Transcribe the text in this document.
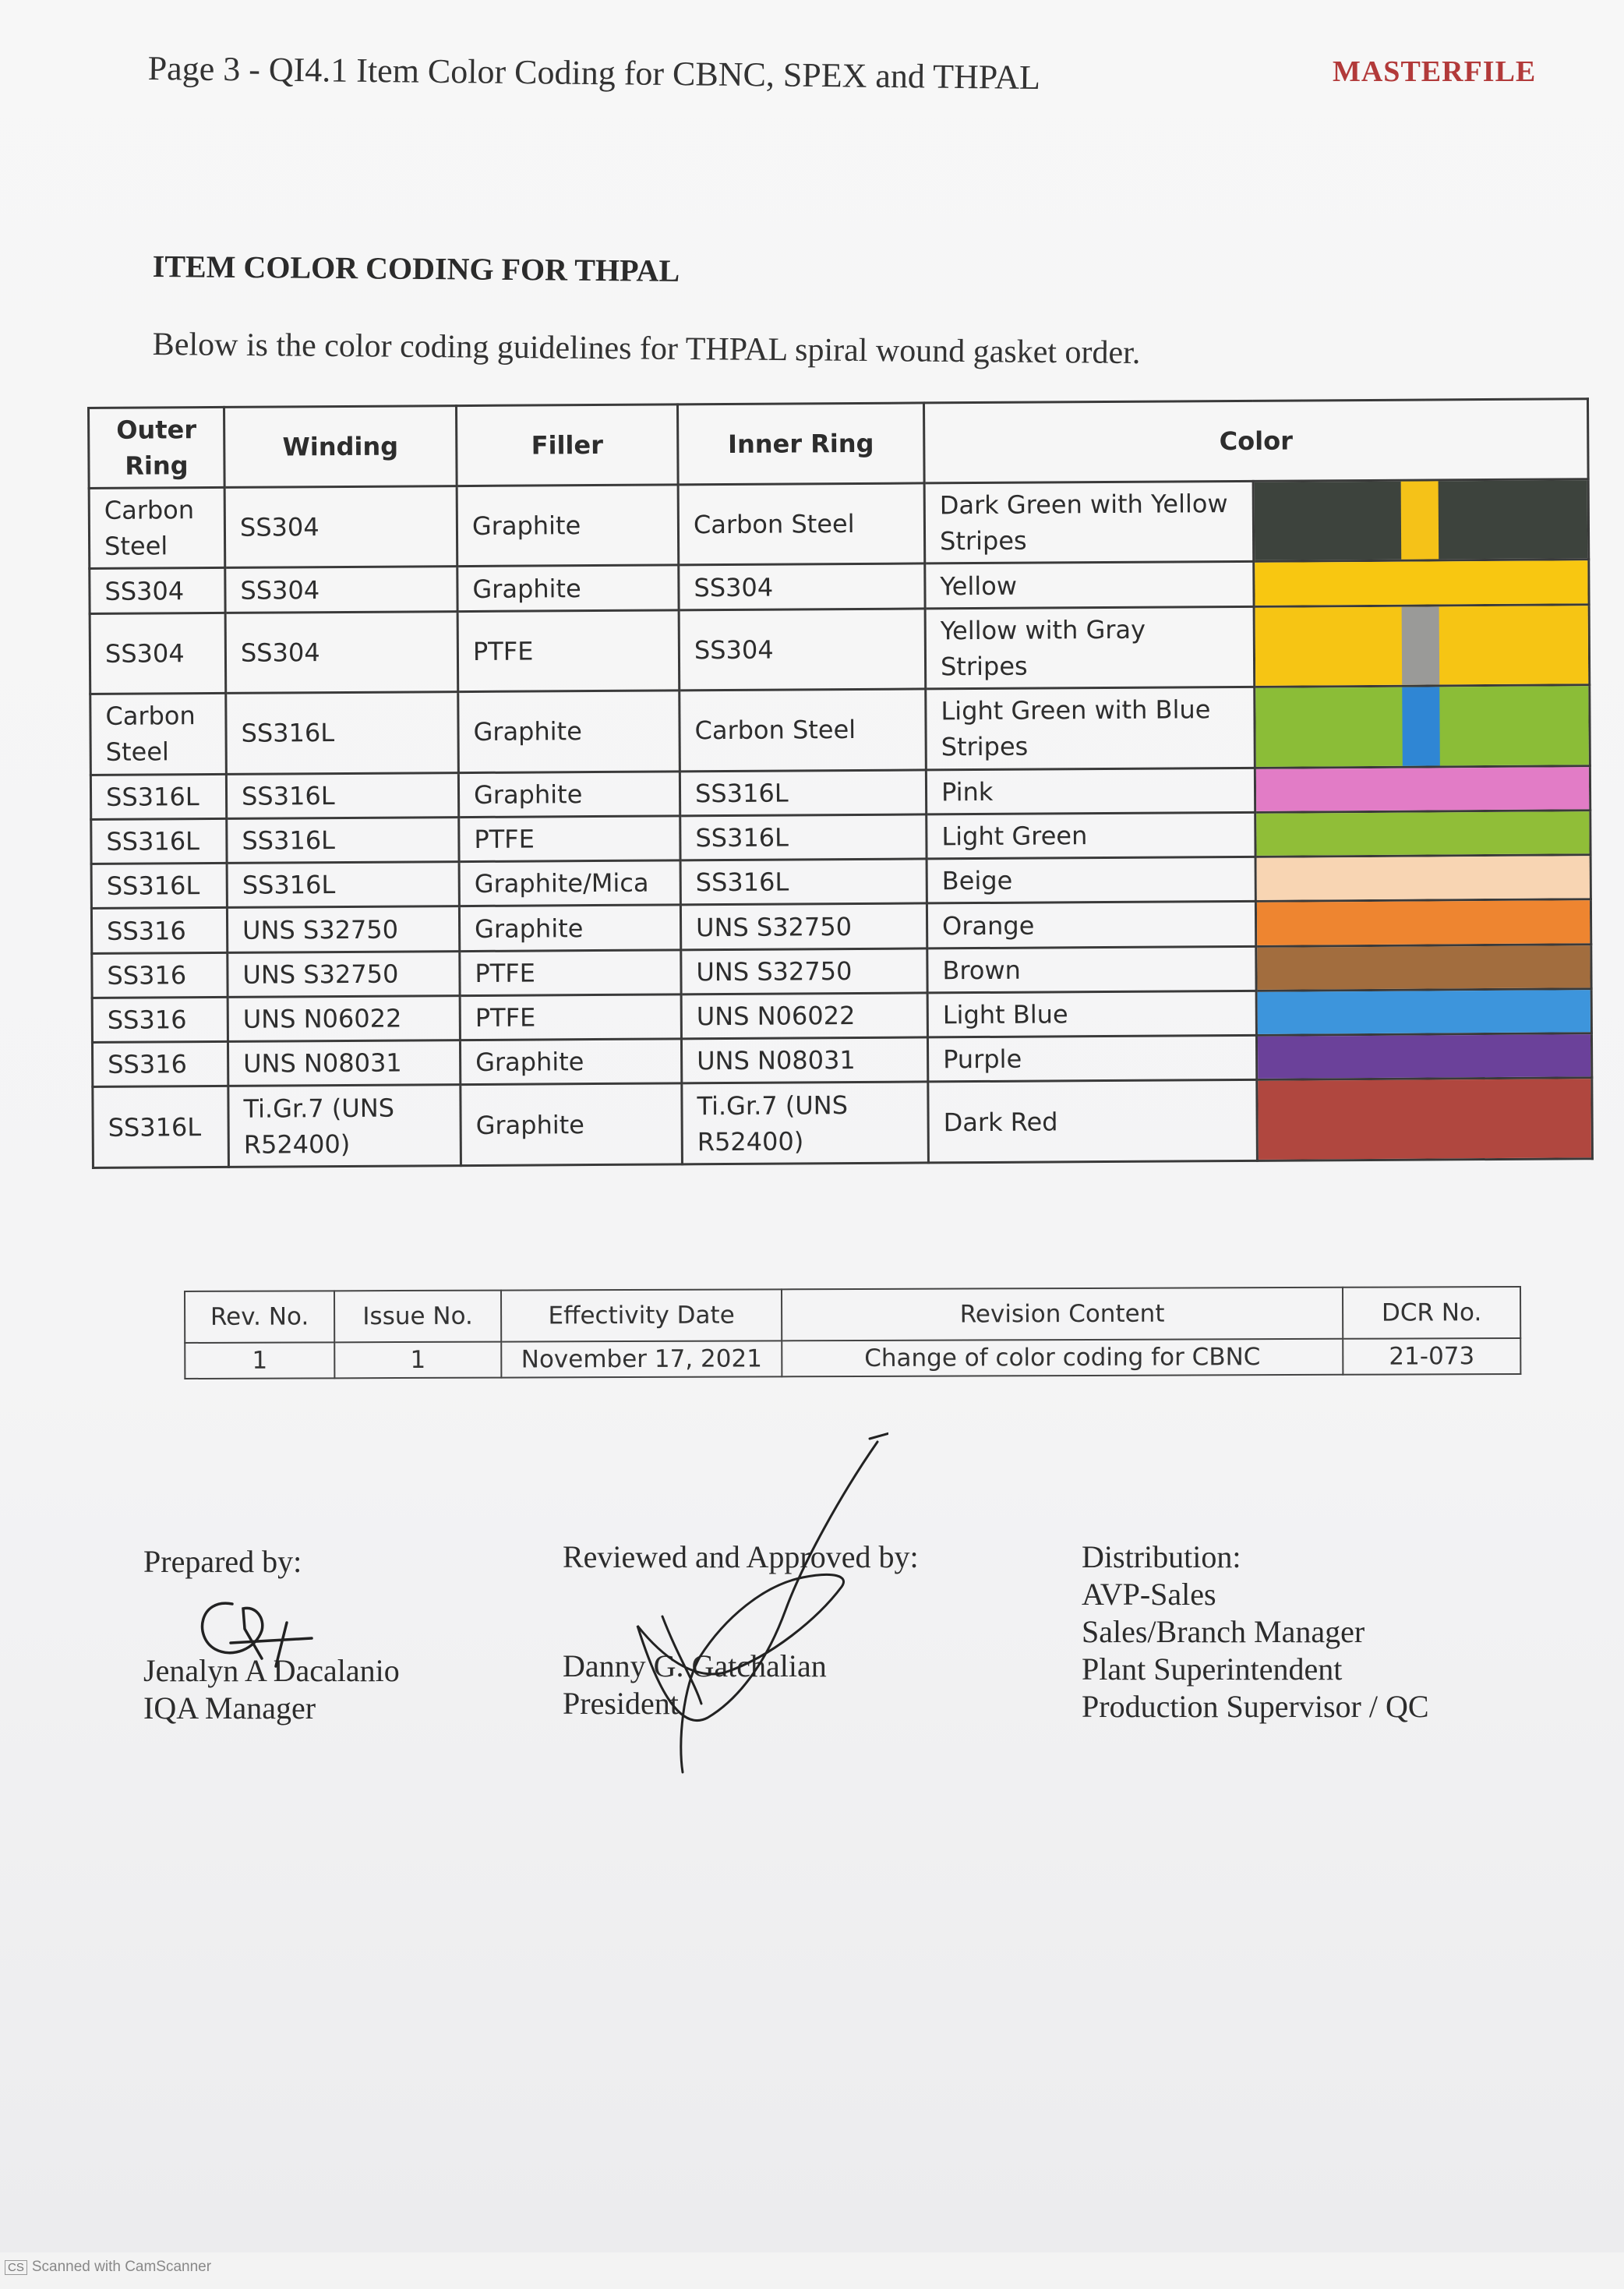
Page 3 - QI4.1 Item Color Coding for CBNC, SPEX and THPAL	MASTERFILE
ITEM COLOR CODING FOR THPAL
Below is the color coding guidelines for THPAL spiral wound gasket order.
Outer Ring	Winding	Filler	Inner Ring	Color	
Carbon Steel	SS304	Graphite	Carbon Steel	Dark Green with Yellow Stripes	

SS304	SS304	Graphite	SS304	Yellow	

SS304	SS304	PTFE	SS304	Yellow with Gray Stripes	

Carbon Steel	SS316L	Graphite	Carbon Steel	Light Green with Blue Stripes	

SS316L	SS316L	Graphite	SS316L	Pink	

SS316L	SS316L	PTFE	SS316L	Light Green	

SS316L	SS316L	Graphite/Mica	SS316L	Beige	

SS316	UNS S32750	Graphite	UNS S32750	Orange	

SS316	UNS S32750	PTFE	UNS S32750	Brown	

SS316	UNS N06022	PTFE	UNS N06022	Light Blue	

SS316	UNS N08031	Graphite	UNS N08031	Purple	

SS316L	Ti.Gr.7 (UNS R52400)	Graphite	Ti.Gr.7 (UNS R52400)	Dark Red	
Rev. No.	Issue No.	Effectivity Date	Revision Content	DCR No.
1	1	November 17, 2021	Change of color coding for CBNC	21-073
Prepared by:
Jenalyn A Dacalanio
IQA Manager
Reviewed and Approved by:
Danny G. Gatchalian
President
Distribution:
AVP-Sales
Sales/Branch Manager
Plant Superintendent
Production Supervisor / QC
CS Scanned with CamScanner
